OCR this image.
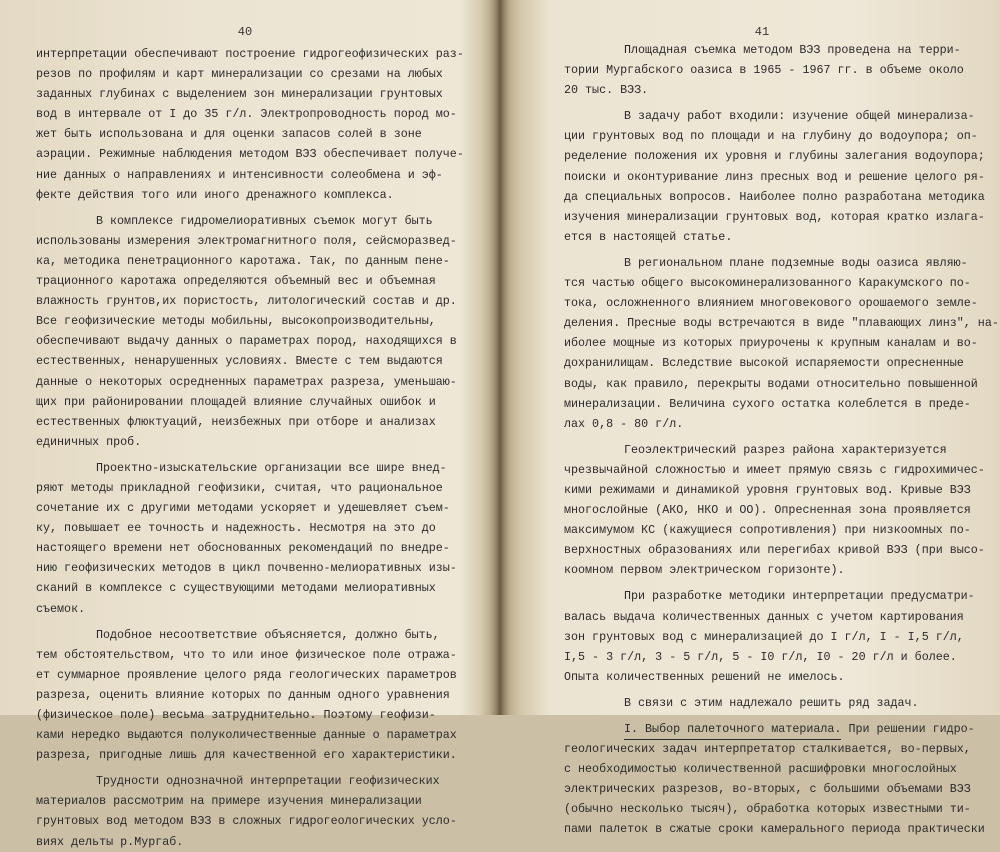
40
интерпретации обеспечивают построение гидрогеофизических раз-
резов по профилям и карт минерализации со срезами на любых
заданных глубинах с выделением зон минерализации грунтовых
вод в интервале от I до 35 г/л. Электропроводность пород мо-
жет быть использована и для оценки запасов солей в зоне
аэрации. Режимные наблюдения методом ВЭЗ обеспечивает получе-
ние данных о направлениях и интенсивности солеобмена и эф-
фекте действия того или иного дренажного комплекса.
В комплексе гидромелиоративных съемок могут быть
использованы измерения электромагнитного поля, сейсморазвед-
ка, методика пенетрационного каротажа. Так, по данным пене-
трационного каротажа определяются объемный вес и объемная
влажность грунтов,их пористость, литологический состав и др.
Все геофизические методы мобильны, высокопроизводительны,
обеспечивают выдачу данных о параметрах пород, находящихся в
естественных, ненарушенных условиях. Вместе с тем выдаются
данные о некоторых осредненных параметрах разреза, уменьшаю-
щих при районировании площадей влияние случайных ошибок и
естественных флюктуаций, неизбежных при отборе и анализах
единичных проб.
Проектно-изыскательские организации все шире внед-
ряют методы прикладной геофизики, считая, что рациональное
сочетание их с другими методами ускоряет и удешевляет съем-
ку, повышает ее точность и надежность. Несмотря на это до
настоящего времени нет обоснованных рекомендаций по внедре-
нию геофизических методов в цикл почвенно-мелиоративных изы-
сканий в комплексе с существующими методами мелиоративных
съемок.
Подобное несоответствие объясняется, должно быть,
тем обстоятельством, что то или иное физическое поле отража-
ет суммарное проявление целого ряда геологических параметров
разреза, оценить влияние которых по данным одного уравнения
(физическое поле) весьма затруднительно. Поэтому геофизи-
ками нередко выдаются полуколичественные данные о параметрах
разреза, пригодные лишь для качественной его характеристики.
Трудности однозначной интерпретации геофизических
материалов рассмотрим на примере изучения минерализации
грунтовых вод методом ВЭЗ в сложных гидрогеологических усло-
виях дельты р.Мургаб.
41
Площадная съемка методом ВЭЗ проведена на терри-
тории Мургабского оазиса в 1965 - 1967 гг. в объеме около
20 тыс. ВЭЗ.
В задачу работ входили: изучение общей минерализа-
ции грунтовых вод по площади и на глубину до водоупора; оп-
ределение положения их уровня и глубины залегания водоупора;
поиски и оконтуривание линз пресных вод и решение целого ря-
да специальных вопросов. Наиболее полно разработана методика
изучения минерализации грунтовых вод, которая кратко излага-
ется в настоящей статье.
В региональном плане подземные воды оазиса являю-
тся частью общего высокоминерализованного Каракумского по-
тока, осложненного влиянием многовекового орошаемого земле-
деления. Пресные воды встречаются в виде "плавающих линз", на-
иболее мощные из которых приурочены к крупным каналам и во-
дохранилищам. Вследствие высокой испаряемости опресненные
воды, как правило, перекрыты водами относительно повышенной
минерализации. Величина сухого остатка колеблется в преде-
лах 0,8 - 80 г/л.
Геоэлектрический разрез района характеризуется
чрезвычайной сложностью и имеет прямую связь с гидрохимичес-
кими режимами и динамикой уровня грунтовых вод. Кривые ВЭЗ
многослойные (АКО, НКО и ОО). Опресненная зона проявляется
максимумом КС (кажущиеся сопротивления) при низкоомных по-
верхностных образованиях или перегибах кривой ВЭЗ (при высо-
коомном первом электрическом горизонте).
При разработке методики интерпретации предусматри-
валась выдача количественных данных с учетом картирования
зон грунтовых вод с минерализацией до I г/л, I - I,5 г/л,
I,5 - 3 г/л, 3 - 5 г/л, 5 - I0 г/л, I0 - 20 г/л и более.
Опыта количественных решений не имелось.
В связи с этим надлежало решить ряд задач.
I. Выбор палеточного материала. При решении гидро-
геологических задач интерпретатор сталкивается, во-первых,
с необходимостью количественной расшифровки многослойных
электрических разрезов, во-вторых, с большими объемами ВЭЗ
(обычно несколько тысяч), обработка которых известными ти-
пами палеток в сжатые сроки камерального периода практически
